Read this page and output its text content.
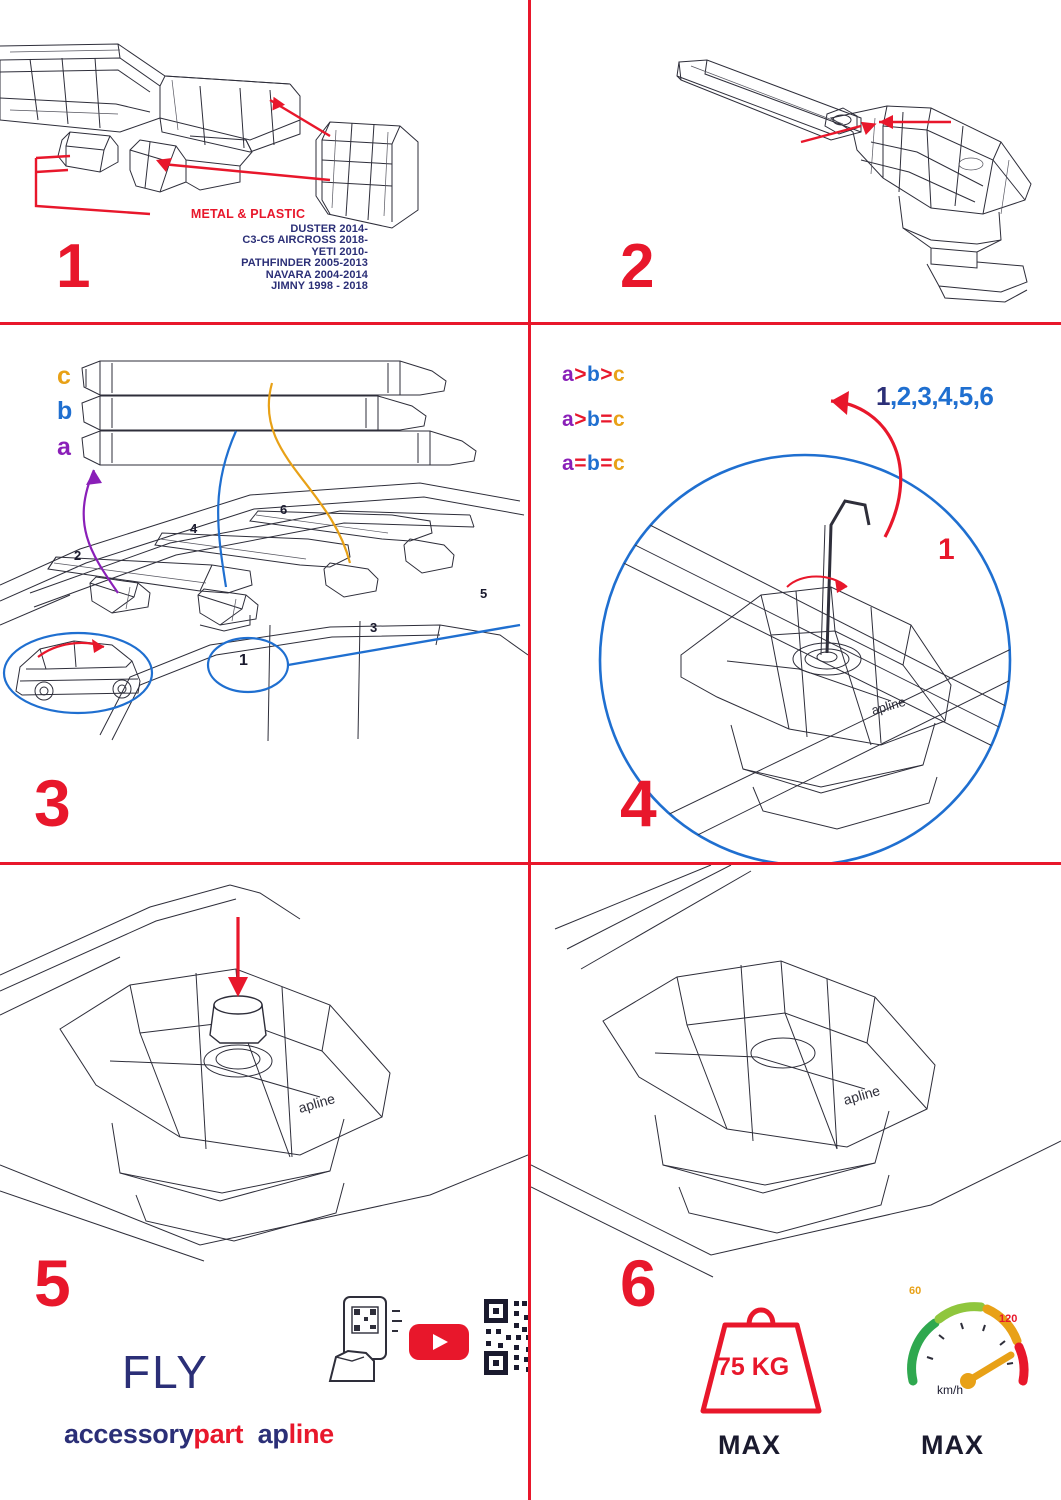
METAL & PLASTIC
DUSTER 2014-
C3-C5 AIRCROSS 2018-
YETI 2010-
PATHFINDER 2005-2013
NAVARA 2004-2014
JIMNY 1998 - 2018
1	2
c
b
a
2
4
6
5
3
1
3
a>b>c
a>b=c
a=b=c
apline
1,2,3,4,5,6
1
4
apline
5
FLY
accessorypart apline
apline
75 KG
MAX
60
120
km/h
MAX
6
